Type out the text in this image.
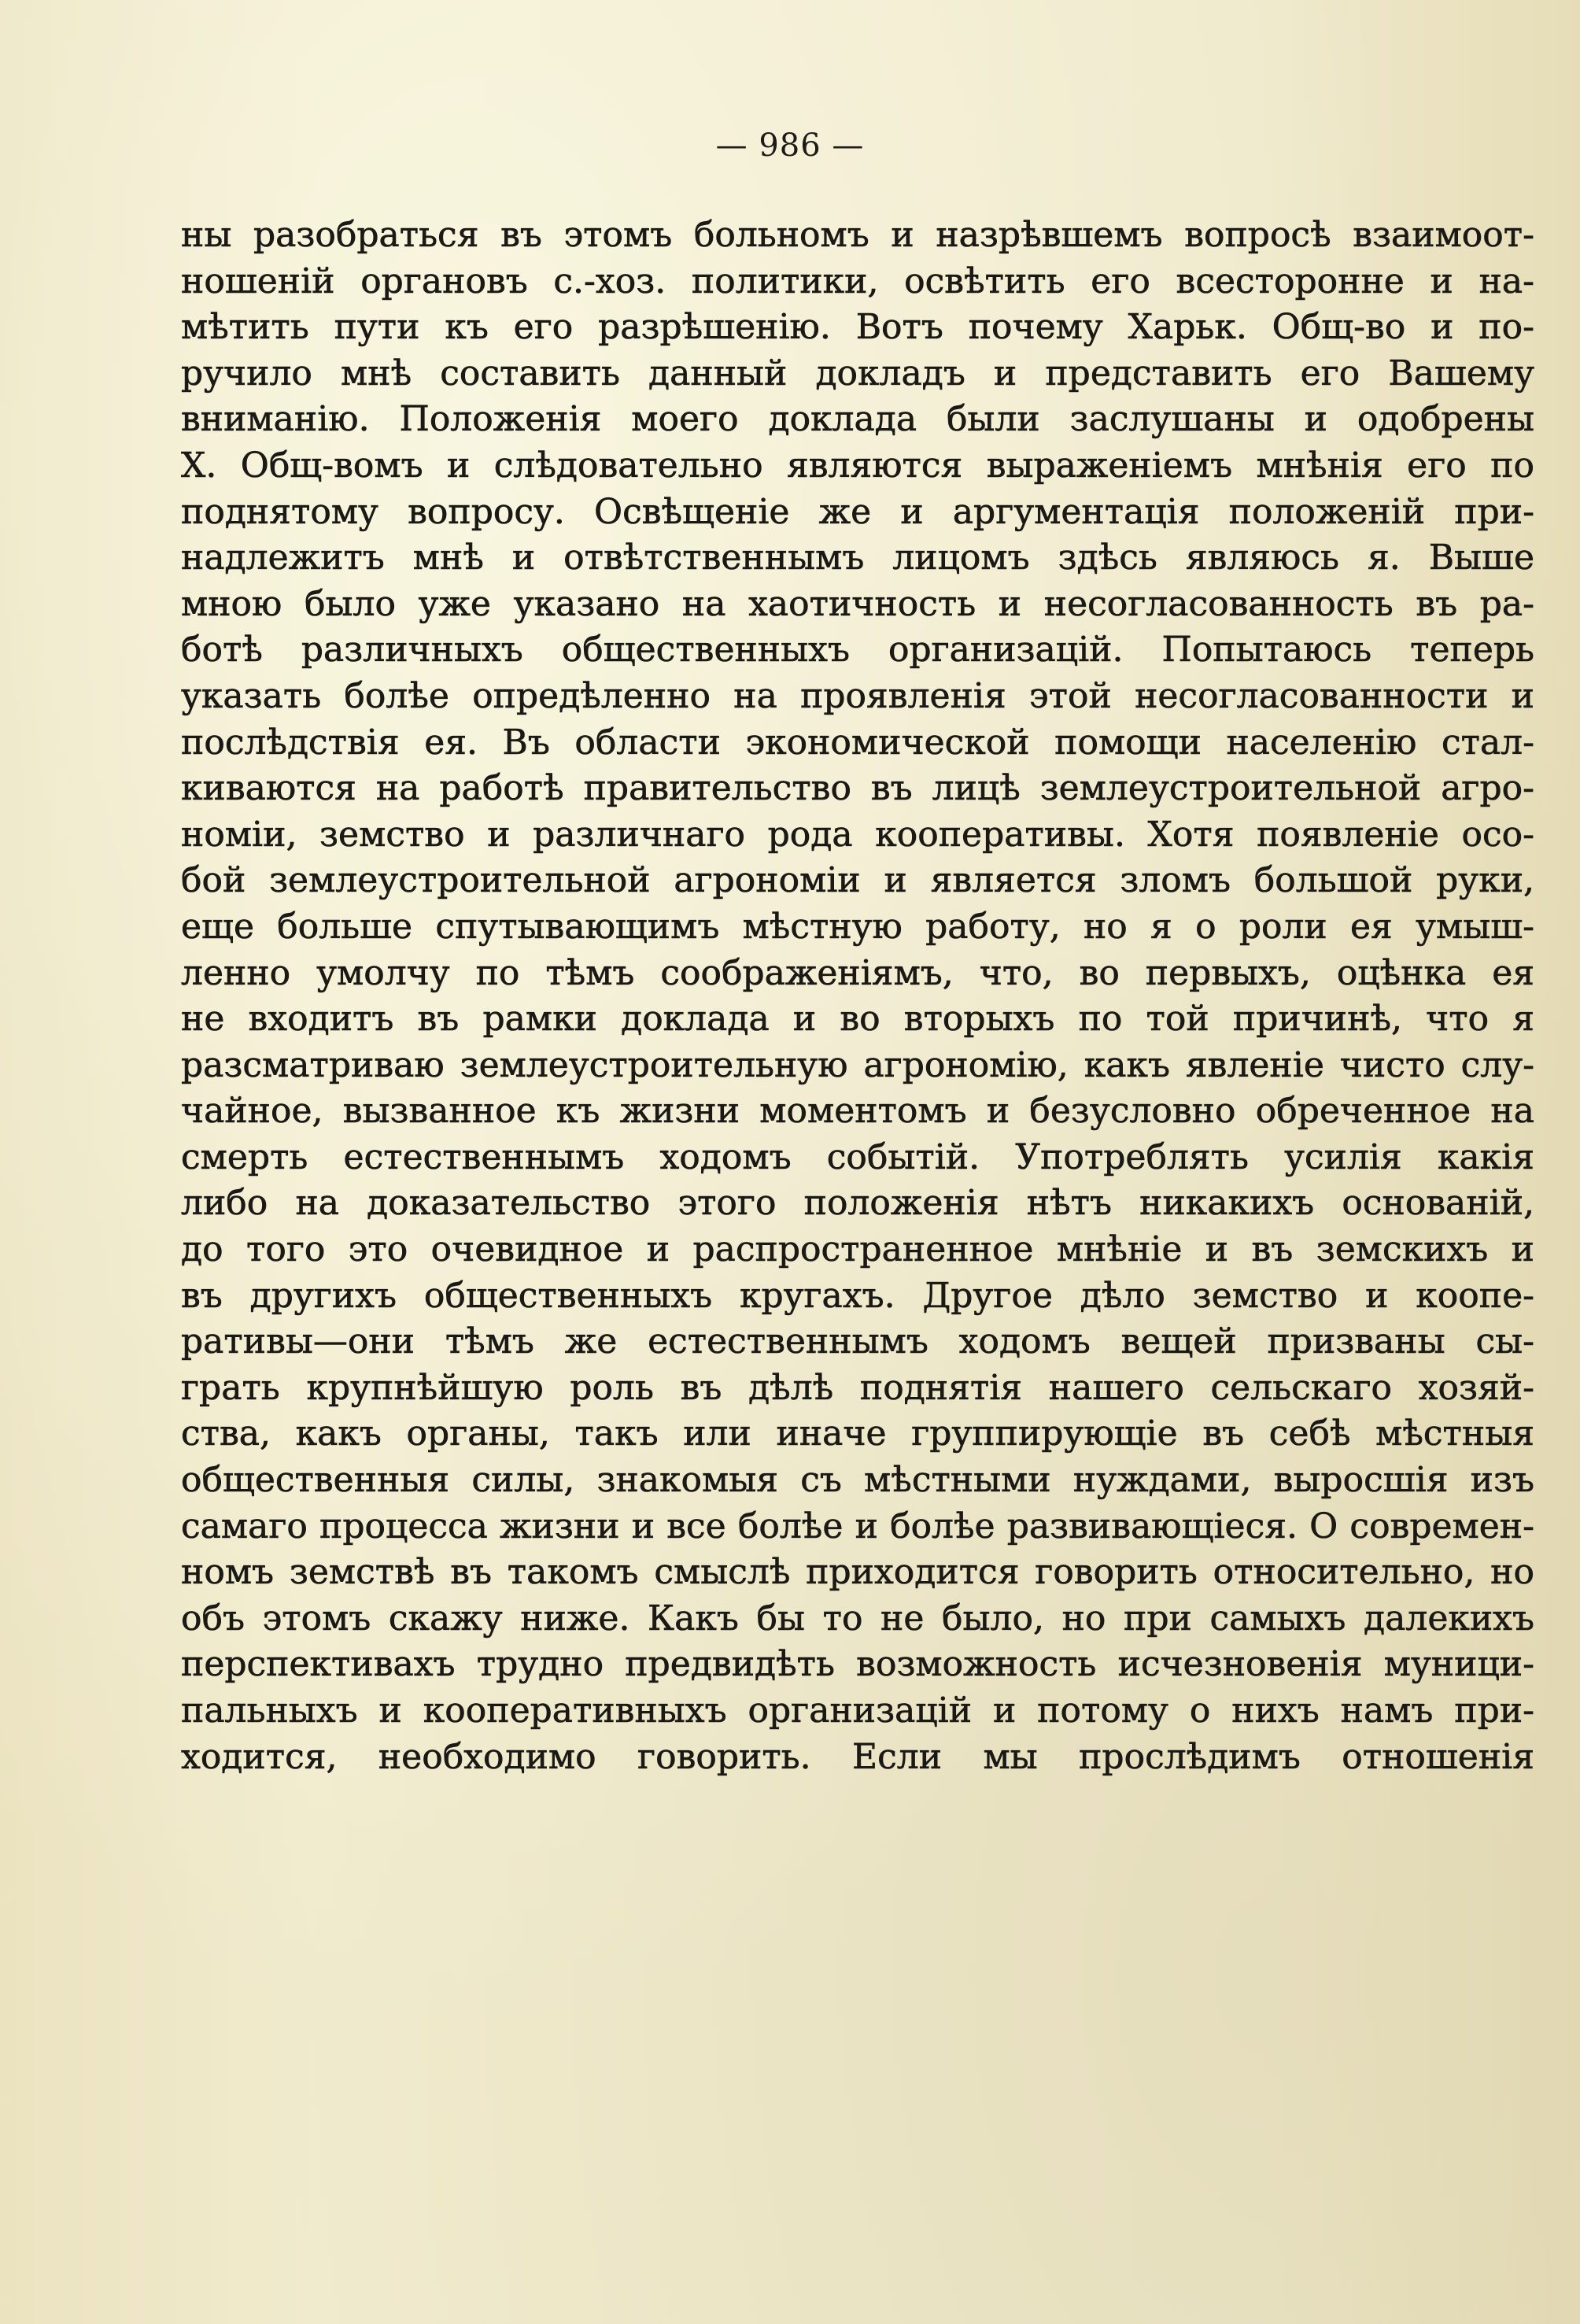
— 986 —
ны разобраться въ этомъ больномъ и назрѣвшемъ вопросѣ взаимоот-
ношеній органовъ с.-хоз. политики, освѣтить его всесторонне и на-
мѣтить пути къ его разрѣшенію. Вотъ почему Харьк. Общ-во и по-
ручило мнѣ составить данный докладъ и представить его Вашему
вниманію. Положенія моего доклада были заслушаны и одобрены
Х. Общ-вомъ и слѣдовательно являются выраженіемъ мнѣнія его по
поднятому вопросу. Освѣщеніе же и аргументація положеній при-
надлежитъ мнѣ и отвѣтственнымъ лицомъ здѣсь являюсь я. Выше
мною было уже указано на хаотичность и несогласованность въ ра-
ботѣ различныхъ общественныхъ организацій. Попытаюсь теперь
указать болѣе опредѣленно на проявленія этой несогласованности и
послѣдствія ея. Въ области экономической помощи населенію стал-
киваются на работѣ правительство въ лицѣ землеустроительной агро-
номіи, земство и различнаго рода кооперативы. Хотя появленіе осо-
бой землеустроительной агрономіи и является зломъ большой руки,
еще больше спутывающимъ мѣстную работу, но я о роли ея умыш-
ленно умолчу по тѣмъ соображеніямъ, что, во первыхъ, оцѣнка ея
не входитъ въ рамки доклада и во вторыхъ по той причинѣ, что я
разсматриваю землеустроительную агрономію, какъ явленіе чисто слу-
чайное, вызванное къ жизни моментомъ и безусловно обреченное на
смерть естественнымъ ходомъ событій. Употреблять усилія какія
либо на доказательство этого положенія нѣтъ никакихъ основаній,
до того это очевидное и распространенное мнѣніе и въ земскихъ и
въ другихъ общественныхъ кругахъ. Другое дѣло земство и коопе-
ративы—они тѣмъ же естественнымъ ходомъ вещей призваны сы-
грать крупнѣйшую роль въ дѣлѣ поднятія нашего сельскаго хозяй-
ства, какъ органы, такъ или иначе группирующіе въ себѣ мѣстныя
общественныя силы, знакомыя съ мѣстными нуждами, выросшія изъ
самаго процесса жизни и все болѣе и болѣе развивающіеся. О современ-
номъ земствѣ въ такомъ смыслѣ приходится говорить относительно, но
объ этомъ скажу ниже. Какъ бы то не было, но при самыхъ далекихъ
перспективахъ трудно предвидѣть возможность исчезновенія муници-
пальныхъ и кооперативныхъ организацій и потому о нихъ намъ при-
ходится, необходимо говорить. Если мы прослѣдимъ отношенія
